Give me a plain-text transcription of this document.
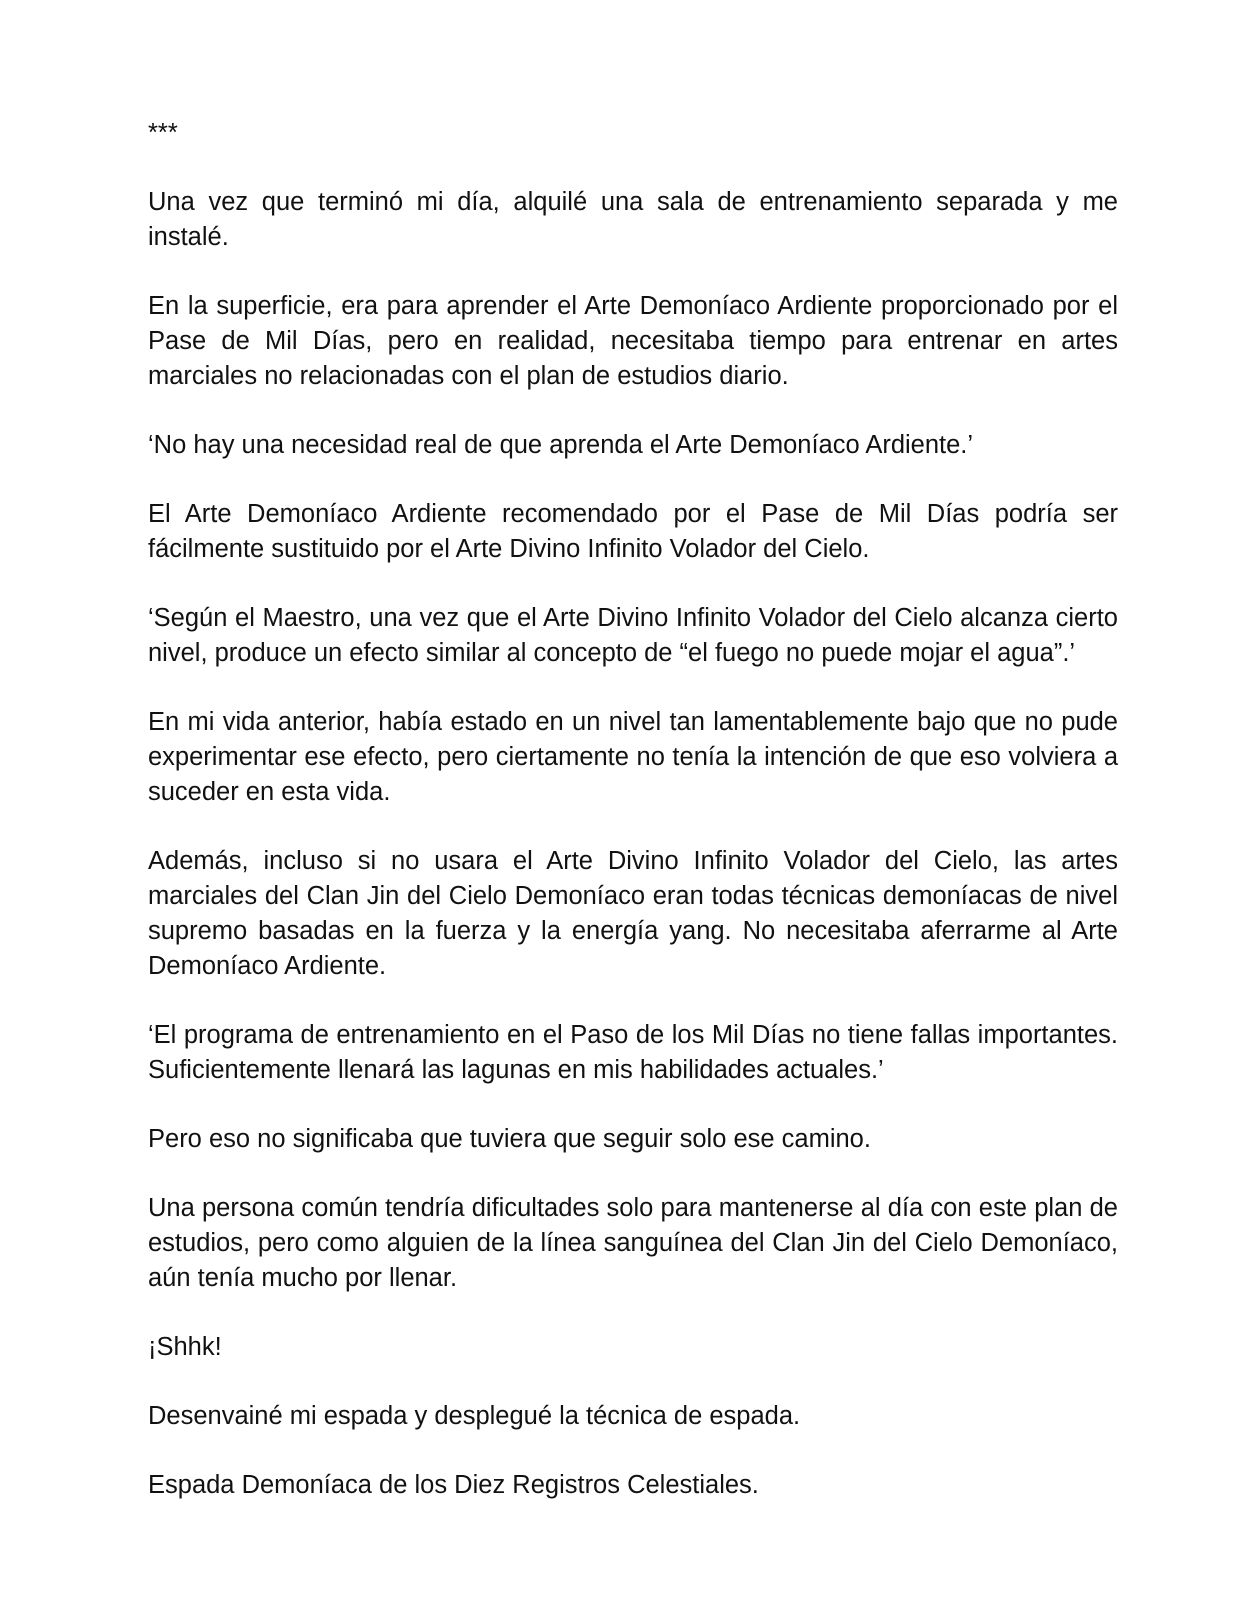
***

Una vez que terminó mi día, alquilé una sala de entrenamiento separada y me instalé.

En la superficie, era para aprender el Arte Demoníaco Ardiente proporcionado por el Pase de Mil Días, pero en realidad, necesitaba tiempo para entrenar en artes marciales no relacionadas con el plan de estudios diario.

‘No hay una necesidad real de que aprenda el Arte Demoníaco Ardiente.’

El Arte Demoníaco Ardiente recomendado por el Pase de Mil Días podría ser fácilmente sustituido por el Arte Divino Infinito Volador del Cielo.

‘Según el Maestro, una vez que el Arte Divino Infinito Volador del Cielo alcanza cierto nivel, produce un efecto similar al concepto de “el fuego no puede mojar el agua”.’

En mi vida anterior, había estado en un nivel tan lamentablemente bajo que no pude experimentar ese efecto, pero ciertamente no tenía la intención de que eso volviera a suceder en esta vida.

Además, incluso si no usara el Arte Divino Infinito Volador del Cielo, las artes marciales del Clan Jin del Cielo Demoníaco eran todas técnicas demoníacas de nivel supremo basadas en la fuerza y la energía yang. No necesitaba aferrarme al Arte Demoníaco Ardiente.

‘El programa de entrenamiento en el Paso de los Mil Días no tiene fallas importantes. Suficientemente llenará las lagunas en mis habilidades actuales.’

Pero eso no significaba que tuviera que seguir solo ese camino.

Una persona común tendría dificultades solo para mantenerse al día con este plan de estudios, pero como alguien de la línea sanguínea del Clan Jin del Cielo Demoníaco, aún tenía mucho por llenar.

¡Shhk!

Desenvainé mi espada y desplegué la técnica de espada.

Espada Demoníaca de los Diez Registros Celestiales.
